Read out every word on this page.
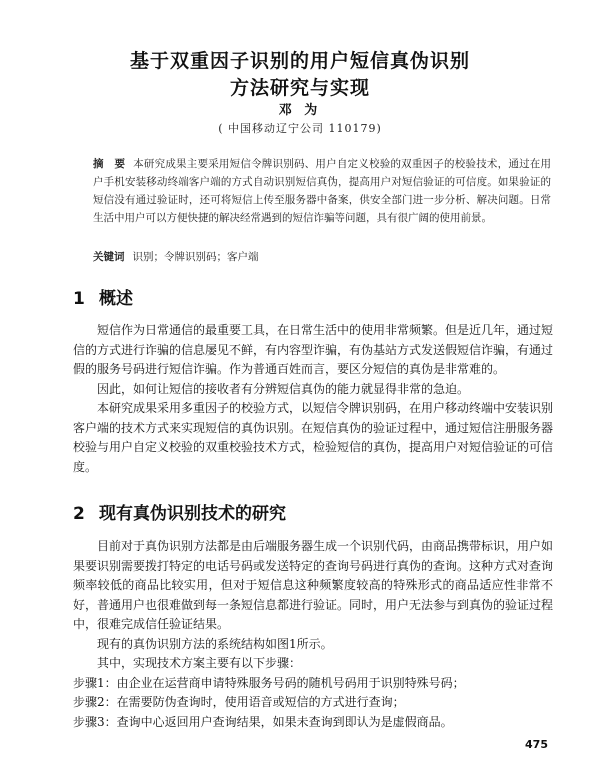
基于双重因子识别的用户短信真伪识别
方法研究与实现
邓 为
( 中国移动辽宁公司 110179)
摘　要 本研究成果主要采用短信令牌识别码、用户自定义校验的双重因子的校验技术，通过在用户手机安装移动终端客户端的方式自动识别短信真伪，提高用户对短信验证的可信度。如果验证的短信没有通过验证时，还可将短信上传至服务器中备案，供安全部门进一步分析、解决问题。日常生活中用户可以方便快捷的解决经常遇到的短信诈骗等问题，具有很广阔的使用前景。
关键词 识别；令牌识别码；客户端
1 概述

短信作为日常通信的最重要工具，在日常生活中的使用非常频繁。但是近几年，通过短信的方式进行诈骗的信息屡见不鲜，有内容型诈骗，有伪基站方式发送假短信诈骗，有通过假的服务号码进行短信诈骗。作为普通百姓而言，要区分短信的真伪是非常难的。

因此，如何让短信的接收者有分辨短信真伪的能力就显得非常的急迫。

本研究成果采用多重因子的校验方式，以短信令牌识别码，在用户移动终端中安装识别客户端的技术方式来实现短信的真伪识别。在短信真伪的验证过程中，通过短信注册服务器校验与用户自定义校验的双重校验技术方式，检验短信的真伪，提高用户对短信验证的可信度。

2 现有真伪识别技术的研究

目前对于真伪识别方法都是由后端服务器生成一个识别代码，由商品携带标识，用户如果要识别需要拨打特定的电话号码或发送特定的查询号码进行真伪的查询。这种方式对查询频率较低的商品比较实用，但对于短信息这种频繁度较高的特殊形式的商品适应性非常不好，普通用户也很难做到每一条短信息都进行验证。同时，用户无法参与到真伪的验证过程中，很难完成信任验证结果。

现有的真伪识别方法的系统结构如图1所示。

其中，实现技术方案主要有以下步骤：

步骤1：由企业在运营商申请特殊服务号码的随机号码用于识别特殊号码；

步骤2：在需要防伪查询时，使用语音或短信的方式进行查询；

步骤3：查询中心返回用户查询结果，如果未查询到即认为是虚假商品。

475
